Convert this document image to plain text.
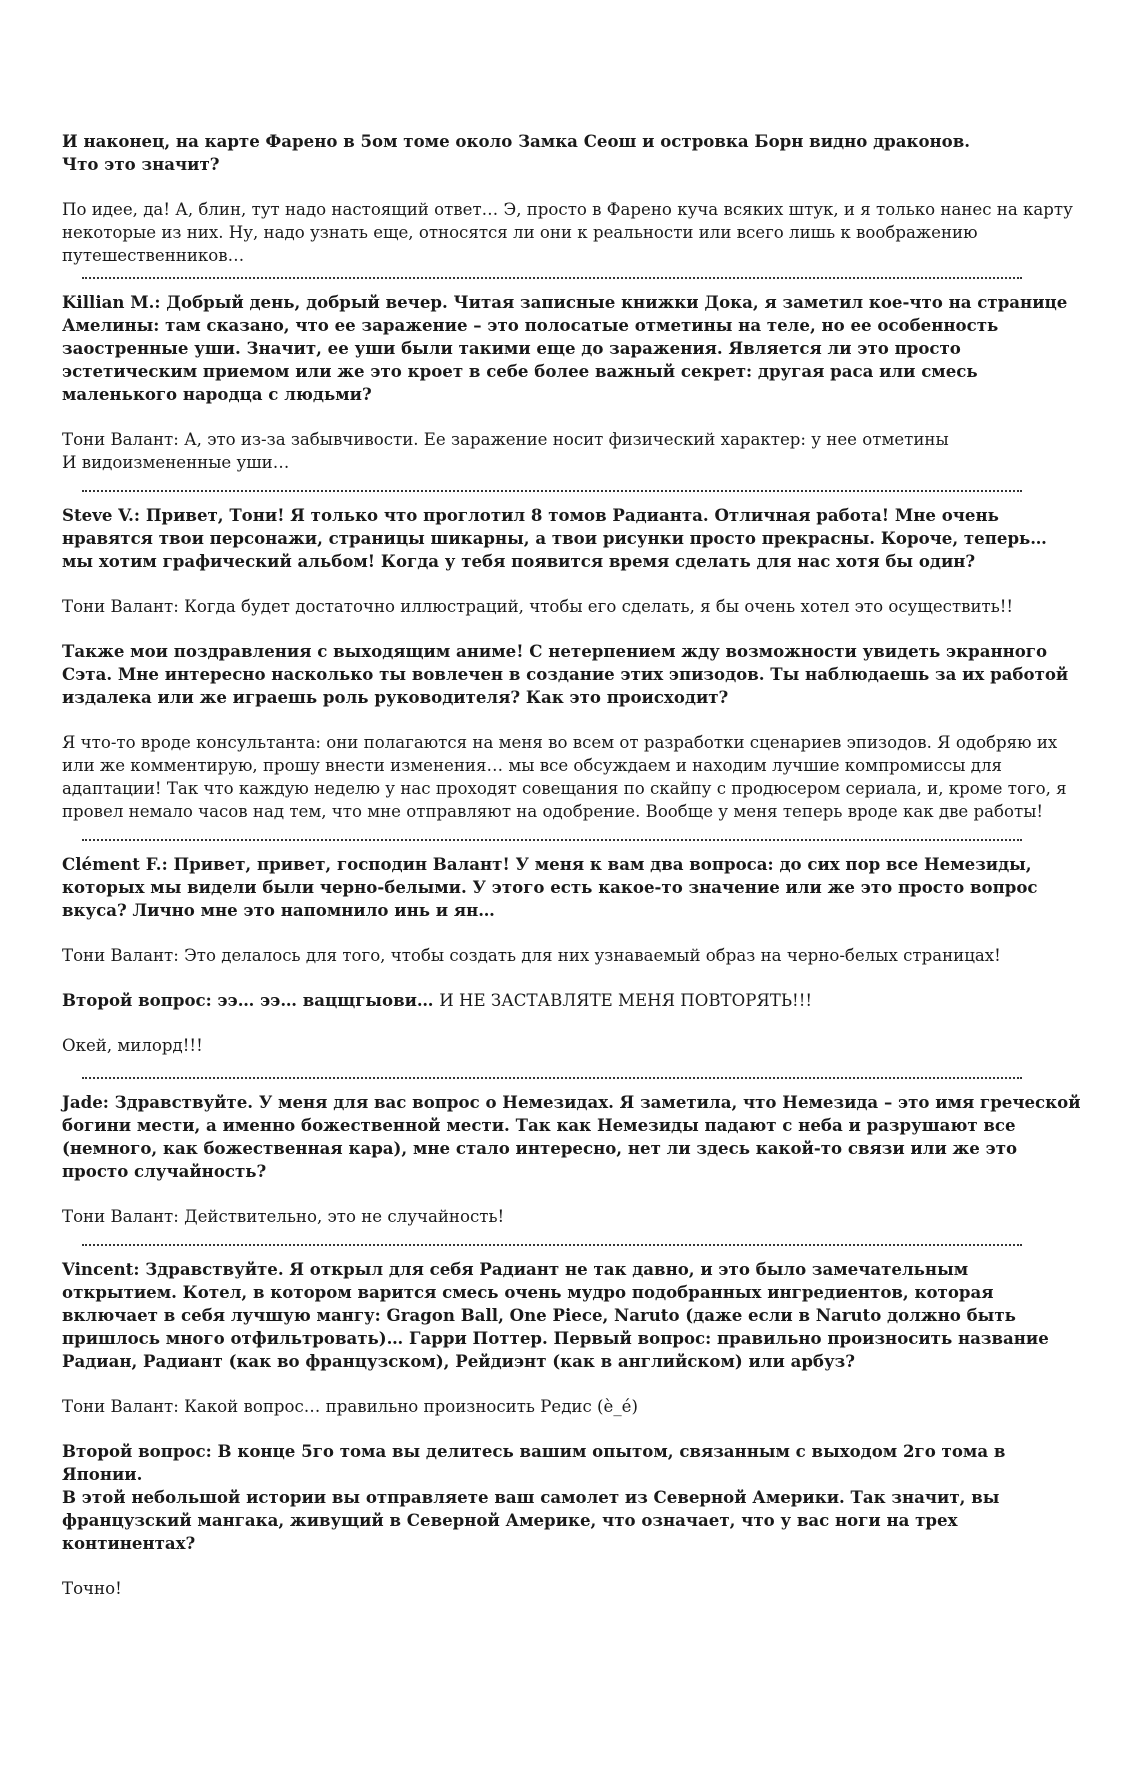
И наконец, на карте Фарено в 5ом томе около Замка Сеош и островка Борн видно драконов.
Что это значит?

По идее, да! А, блин, тут надо настоящий ответ… Э, просто в Фарено куча всяких штук, и я только нанес на карту некоторые из них. Ну, надо узнать еще, относятся ли они к реальности или всего лишь к воображению путешественников…

Killian M.: Добрый день, добрый вечер. Читая записные книжки Дока, я заметил кое-что на странице Амелины: там сказано, что ее заражение – это полосатые отметины на теле, но ее особенность заостренные уши. Значит, ее уши были такими еще до заражения. Является ли это просто эстетическим приемом или же это кроет в себе более важный секрет: другая раса или смесь маленького народца с людьми?

Тони Валант: А, это из-за забывчивости. Ее заражение носит физический характер: у нее отметины
И видоизмененные уши…

Steve V.: Привет, Тони! Я только что проглотил 8 томов Радианта. Отличная работа! Мне очень нравятся твои персонажи, страницы шикарны, а твои рисунки просто прекрасны. Короче, теперь… мы хотим графический альбом! Когда у тебя появится время сделать для нас хотя бы один?

Тони Валант: Когда будет достаточно иллюстраций, чтобы его сделать, я бы очень хотел это осуществить!!

Также мои поздравления с выходящим аниме! С нетерпением жду возможности увидеть экранного Сэта. Мне интересно насколько ты вовлечен в создание этих эпизодов. Ты наблюдаешь за их работой издалека или же играешь роль руководителя? Как это происходит?

Я что-то вроде консультанта: они полагаются на меня во всем от разработки сценариев эпизодов. Я одобряю их или же комментирую, прошу внести изменения… мы все обсуждаем и находим лучшие компромиссы для адаптации! Так что каждую неделю у нас проходят совещания по скайпу с продюсером сериала, и, кроме того, я провел немало часов над тем, что мне отправляют на одобрение. Вообще у меня теперь вроде как две работы!

Clément F.: Привет, привет, господин Валант! У меня к вам два вопроса: до сих пор все Немезиды, которых мы видели были черно-белыми. У этого есть какое-то значение или же это просто вопрос вкуса? Лично мне это напомнило инь и ян…

Тони Валант: Это делалось для того, чтобы создать для них узнаваемый образ на черно-белых страницах!

Второй вопрос: ээ… ээ… вацщгыови… И НЕ ЗАСТАВЛЯТЕ МЕНЯ ПОВТОРЯТЬ!!!

Окей, милорд!!!

Jade: Здравствуйте. У меня для вас вопрос о Немезидах. Я заметила, что Немезида – это имя греческой богини мести, а именно божественной мести. Так как Немезиды падают с неба и разрушают все (немного, как божественная кара), мне стало интересно, нет ли здесь какой-то связи или же это просто случайность?

Тони Валант: Действительно, это не случайность!

Vincent: Здравствуйте. Я открыл для себя Радиант не так давно, и это было замечательным открытием. Котел, в котором варится смесь очень мудро подобранных ингредиентов, которая включает в себя лучшую мангу: Gragon Ball, One Piece, Naruto (даже если в Naruto должно быть пришлось много отфильтровать)… Гарри Поттер. Первый вопрос: правильно произносить название Радиан, Радиант (как во французском), Рейдиэнт (как в английском) или арбуз?

Тони Валант: Какой вопрос… правильно произносить Редис (è_é)

Второй вопрос: В конце 5го тома вы делитесь вашим опытом, связанным с выходом 2го тома в Японии.
В этой небольшой истории вы отправляете ваш самолет из Северной Америки. Так значит, вы французский мангака, живущий в Северной Америке, что означает, что у вас ноги на трех континентах?

Точно!
